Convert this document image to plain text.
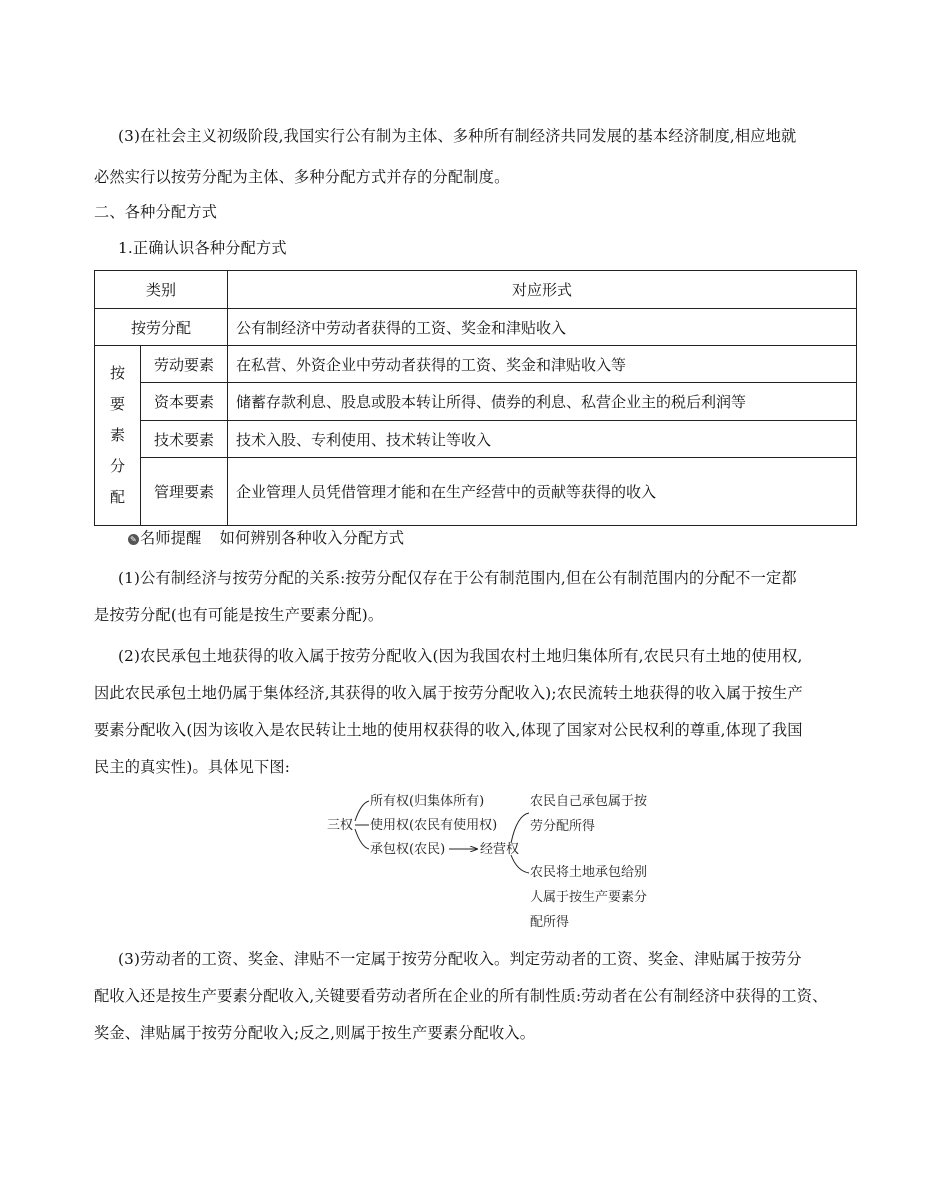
(3)在社会主义初级阶段,我国实行公有制为主体、多种所有制经济共同发展的基本经济制度,相应地就
必然实行以按劳分配为主体、多种分配方式并存的分配制度。
二、各种分配方式
1.正确认识各种分配方式
类别		对应形式
按劳分配		公有制经济中劳动者获得的工资、奖金和津贴收入

按
要
素
分
配	劳动要素	在私营、外资企业中劳动者获得的工资、奖金和津贴收入等
	资本要素	储蓄存款利息、股息或股本转让所得、债券的利息、私营企业主的税后利润等
	技术要素	技术入股、专利使用、技术转让等收入
	管理要素	企业管理人员凭借管理才能和在生产经营中的贡献等获得的收入
✎ 名师提醒 如何辨别各种收入分配方式
(1)公有制经济与按劳分配的关系:按劳分配仅存在于公有制范围内,但在公有制范围内的分配不一定都
是按劳分配(也有可能是按生产要素分配)。
(2)农民承包土地获得的收入属于按劳分配收入(因为我国农村土地归集体所有,农民只有土地的使用权,
因此农民承包土地仍属于集体经济,其获得的收入属于按劳分配收入);农民流转土地获得的收入属于按生产
要素分配收入(因为该收入是农民转让土地的使用权获得的收入,体现了国家对公民权利的尊重,体现了我国
民主的真实性)。具体见下图:
三权
所有权(归集体所有)
使用权(农民有使用权)
承包权(农民)	经营权
农民自己承包属于按
劳分配所得
农民将土地承包给别
人属于按生产要素分
配所得
(3)劳动者的工资、奖金、津贴不一定属于按劳分配收入。判定劳动者的工资、奖金、津贴属于按劳分
配收入还是按生产要素分配收入,关键要看劳动者所在企业的所有制性质:劳动者在公有制经济中获得的工资、
奖金、津贴属于按劳分配收入;反之,则属于按生产要素分配收入。
